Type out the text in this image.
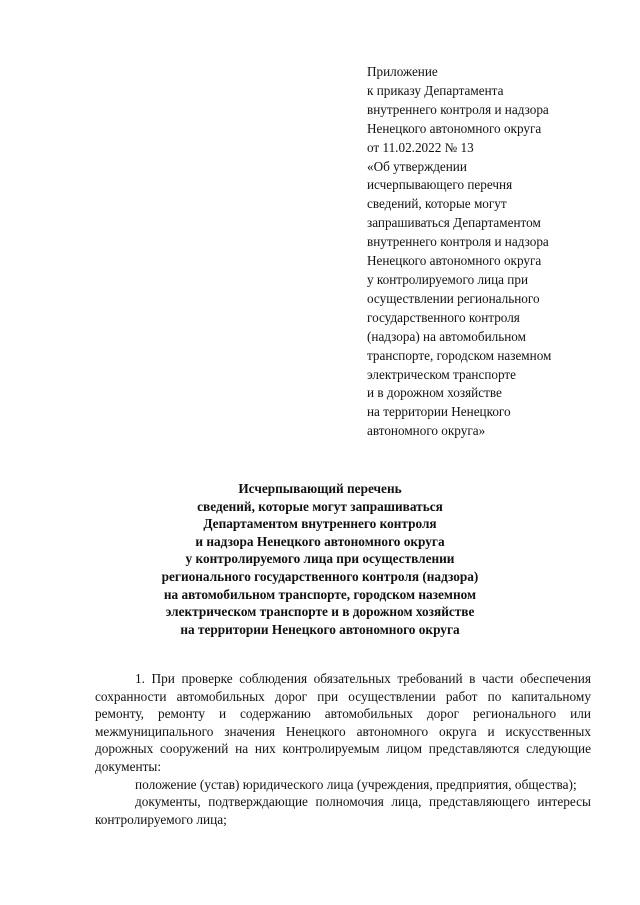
Приложение
к приказу Департамента
внутреннего контроля и надзора
Ненецкого автономного округа
от 11.02.2022 № 13
«Об утверждении
исчерпывающего перечня
сведений, которые могут
запрашиваться Департаментом
внутреннего контроля и надзора
Ненецкого автономного округа
у контролируемого лица при
осуществлении регионального
государственного контроля
(надзора) на автомобильном
транспорте, городском наземном
электрическом транспорте
и в дорожном хозяйстве
на территории Ненецкого
автономного округа»
Исчерпывающий перечень
сведений, которые могут запрашиваться
Департаментом внутреннего контроля
и надзора Ненецкого автономного округа
у контролируемого лица при осуществлении
регионального государственного контроля (надзора)
на автомобильном транспорте, городском наземном
электрическом транспорте и в дорожном хозяйстве
на территории Ненецкого автономного округа

1. При проверке соблюдения обязательных требований в части обеспечения сохранности автомобильных дорог при осуществлении работ по капитальному ремонту, ремонту и содержанию автомобильных дорог регионального или межмуниципального значения Ненецкого автономного округа и искусственных дорожных сооружений на них контролируемым лицом представляются следующие документы:

положение (устав) юридического лица (учреждения, предприятия, общества);

документы, подтверждающие полномочия лица, представляющего интересы контролируемого лица;
